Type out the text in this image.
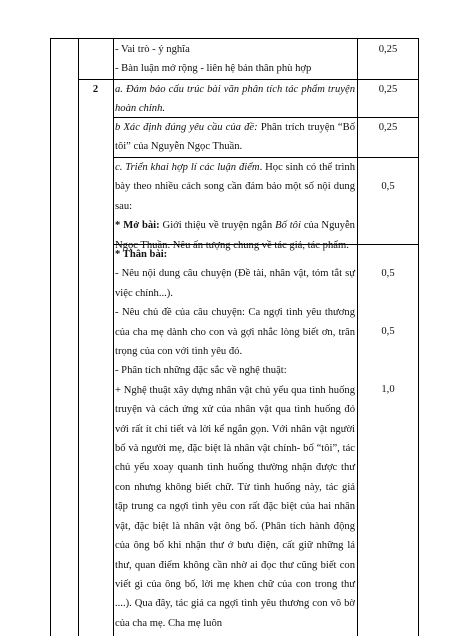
- Vai trò - ý nghĩa

- Bàn luận mở rộng - liên hệ bản thân phù hợp

0,25
2	a. Đảm bảo cấu trúc bài văn phân tích tác phẩm truyện hoàn chỉnh.

0,25

b Xác định đúng yêu cầu của đề: Phân trích truyện “Bố tôi” của Nguyễn Ngọc Thuần.

0,25

c. Triển khai hợp lí các luận điểm. Học sinh có thể trình bày theo nhiều cách song cần đảm bảo một số nội dung sau:

* Mở bài: Giới thiệu về truyện ngắn Bố tôi của Nguyễn Ngọc Thuần. Nêu ấn tượng chung về tác giả, tác phẩm.

0,5

* Thân bài:

- Nêu nội dung câu chuyện (Đề tài, nhân vật, tóm tắt sự việc chính...).

- Nêu chủ đề của câu chuyện: Ca ngợi tình yêu thương của cha mẹ dành cho con và gợi nhắc lòng biết ơn, trân trọng của con với tình yêu đó.

- Phân tích những đặc sắc về nghệ thuật:

+ Nghệ thuật xây dựng nhân vật chủ yếu qua tình huống truyện và cách ứng xử của nhân vật qua tình huống đó với rất ít chi tiết và lời kể ngắn gọn. Với nhân vật người bố và người mẹ, đặc biệt là nhân vật chính- bố “tôi”, tác chủ yếu xoay quanh tình huống thường nhận được thư con nhưng không biết chữ. Từ tình huống này, tác giả tập trung ca ngợi tình yêu con rất đặc biệt của hai nhân vật, đặc biệt là nhân vật ông bố. (Phân tích hành động của ông bố khi nhận thư ở bưu điện, cất giữ những lá thư, quan điểm không cần nhờ ai đọc thư cũng biết con viết gì của ông bố, lời mẹ khen chữ của con trong thư ....). Qua đây, tác giả ca ngợi tình yêu thương con vô bờ của cha mẹ. Cha mẹ luôn

0,5
0,5
1,0
